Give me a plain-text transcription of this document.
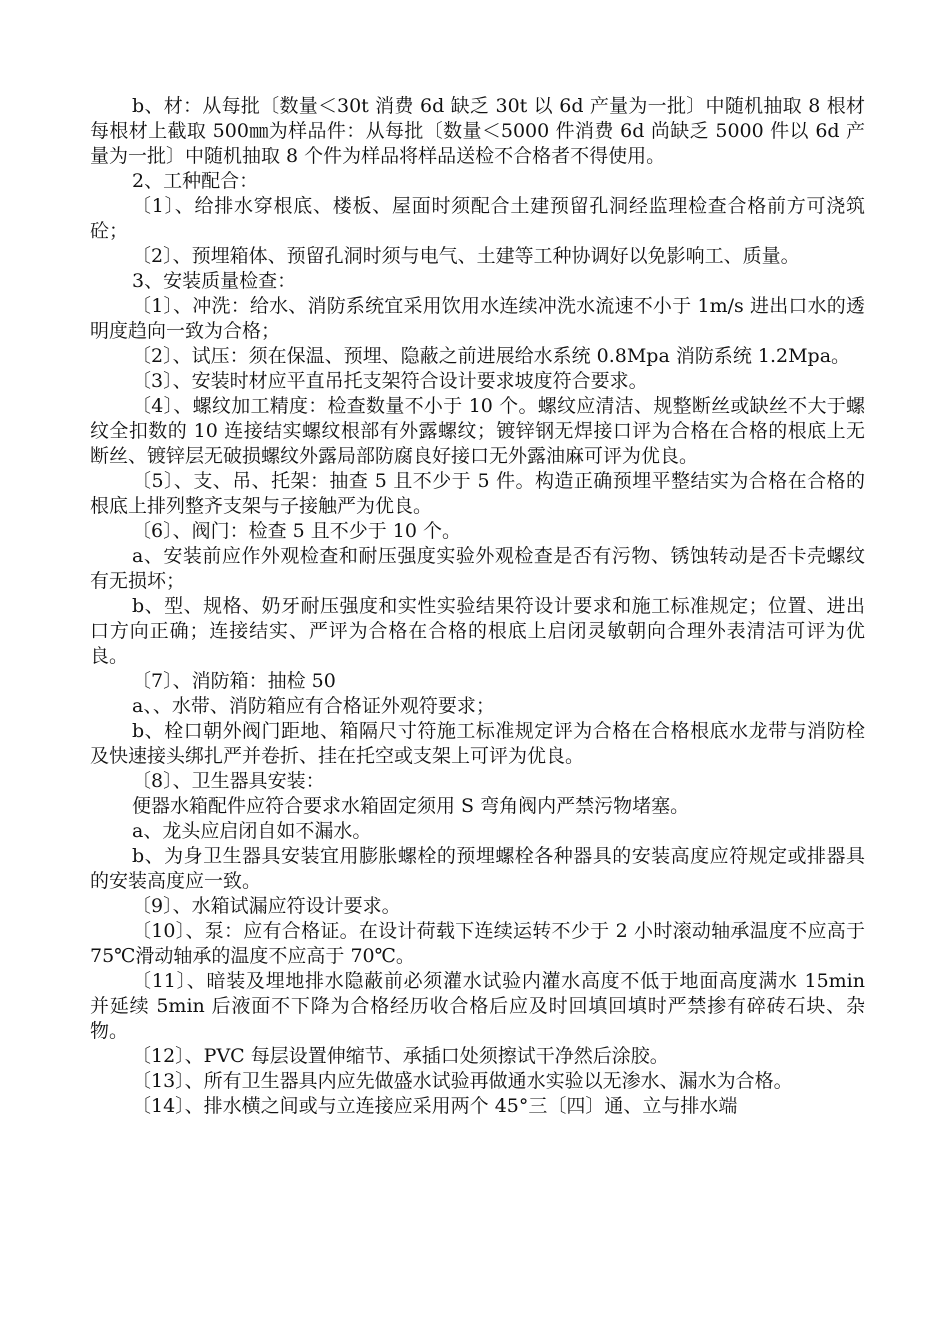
b、材：从每批〔数量＜30t 消费 6d 缺乏 30t 以 6d 产量为一批〕中随机抽取 8 根材每根材上截取 500㎜为样品件：从每批〔数量＜5000 件消费 6d 尚缺乏 5000 件以 6d 产量为一批〕中随机抽取 8 个件为样品将样品送检不合格者不得使用。

2、工种配合：

〔1〕、给排水穿根底、楼板、屋面时须配合土建预留孔洞经监理检查合格前方可浇筑砼；

〔2〕、预埋箱体、预留孔洞时须与电气、土建等工种协调好以免影响工、质量。

3、安装质量检查：

〔1〕、冲洗：给水、消防系统宜采用饮用水连续冲洗水流速不小于 1m/s 进出口水的透明度趋向一致为合格；

〔2〕、试压：须在保温、预埋、隐蔽之前进展给水系统 0.8Mpa 消防系统 1.2Mpa。

〔3〕、安装时材应平直吊托支架符合设计要求坡度符合要求。

〔4〕、螺纹加工精度：检查数量不小于 10 个。螺纹应清洁、规整断丝或缺丝不大于螺纹全扣数的 10 连接结实螺纹根部有外露螺纹；镀锌钢无焊接口评为合格在合格的根底上无断丝、镀锌层无破损螺纹外露局部防腐良好接口无外露油麻可评为优良。

〔5〕、支、吊、托架：抽查 5 且不少于 5 件。构造正确预埋平整结实为合格在合格的根底上排列整齐支架与子接触严为优良。

〔6〕、阀门：检查 5 且不少于 10 个。

a、安装前应作外观检查和耐压强度实验外观检查是否有污物、锈蚀转动是否卡壳螺纹有无损坏；

b、型、规格、奶牙耐压强度和实性实验结果符设计要求和施工标准规定；位置、进出口方向正确；连接结实、严评为合格在合格的根底上启闭灵敏朝向合理外表清洁可评为优良。

〔7〕、消防箱：抽检 50

a、、水带、消防箱应有合格证外观符要求；

b、栓口朝外阀门距地、箱隔尺寸符施工标准规定评为合格在合格根底水龙带与消防栓及快速接头绑扎严并卷折、挂在托空或支架上可评为优良。

〔8〕、卫生器具安装：

便器水箱配件应符合要求水箱固定须用 S 弯角阀内严禁污物堵塞。

a、龙头应启闭自如不漏水。

b、为身卫生器具安装宜用膨胀螺栓的预埋螺栓各种器具的安装高度应符规定或排器具的安装高度应一致。

〔9〕、水箱试漏应符设计要求。

〔10〕、泵：应有合格证。在设计荷载下连续运转不少于 2 小时滚动轴承温度不应高于 75℃滑动轴承的温度不应高于 70℃。

〔11〕、暗装及埋地排水隐蔽前必须灌水试验内灌水高度不低于地面高度满水 15min 并延续 5min 后液面不下降为合格经历收合格后应及时回填回填时严禁掺有碎砖石块、杂物。

〔12〕、PVC 每层设置伸缩节、承插口处须擦试干净然后涂胶。

〔13〕、所有卫生器具内应先做盛水试验再做通水实验以无渗水、漏水为合格。

〔14〕、排水横之间或与立连接应采用两个 45°三〔四〕通、立与排水端
